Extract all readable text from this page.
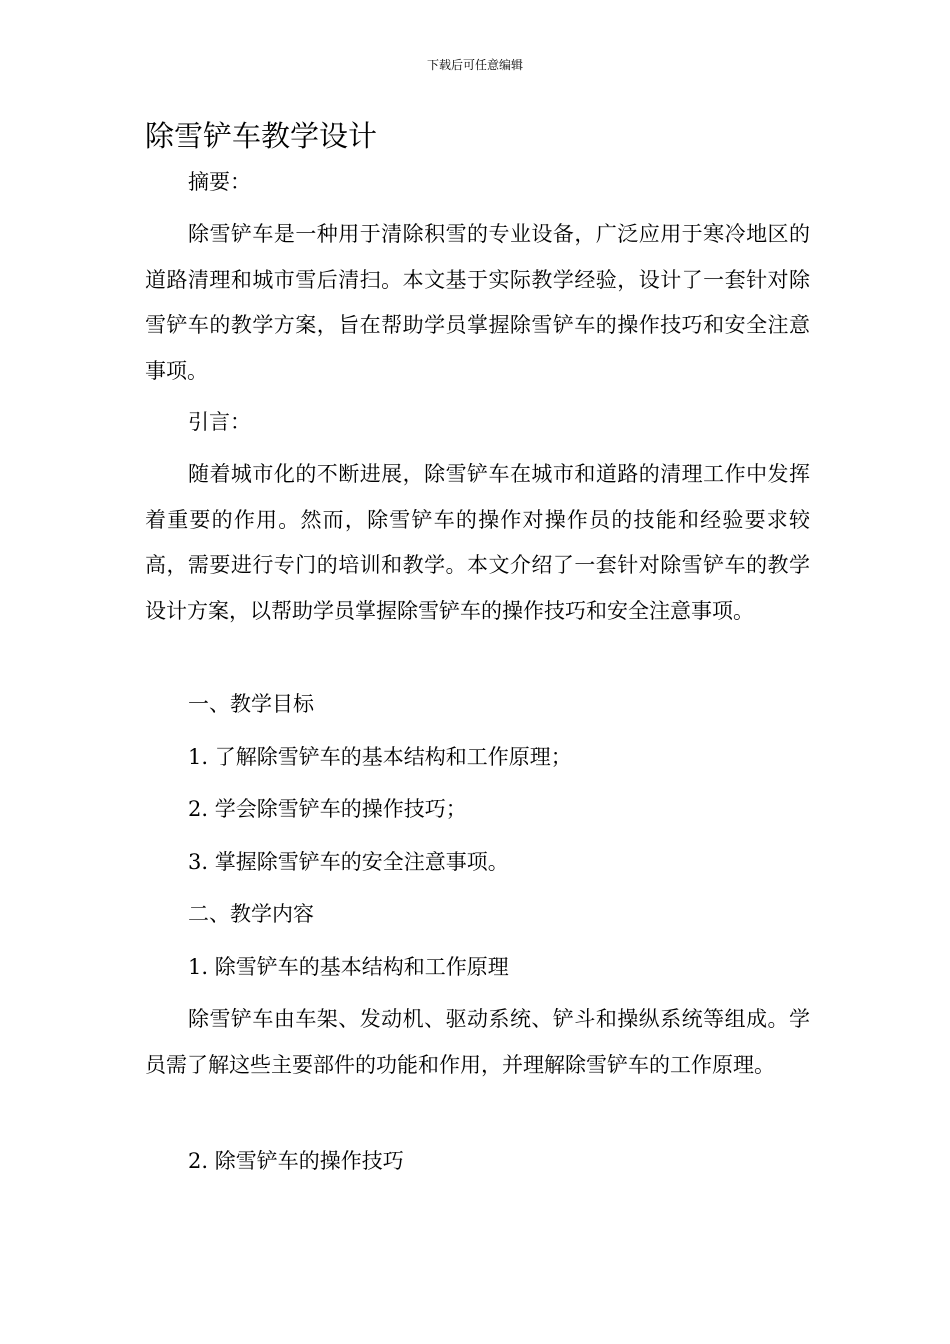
下载后可任意编辑
除雪铲车教学设计

摘要：

除雪铲车是一种用于清除积雪的专业设备，广泛应用于寒冷地区的道路清理和城市雪后清扫。本文基于实际教学经验，设计了一套针对除雪铲车的教学方案，旨在帮助学员掌握除雪铲车的操作技巧和安全注意事项。

引言：

随着城市化的不断进展，除雪铲车在城市和道路的清理工作中发挥着重要的作用。然而，除雪铲车的操作对操作员的技能和经验要求较高，需要进行专门的培训和教学。本文介绍了一套针对除雪铲车的教学设计方案，以帮助学员掌握除雪铲车的操作技巧和安全注意事项。

一、教学目标

1. 了解除雪铲车的基本结构和工作原理；

2. 学会除雪铲车的操作技巧；

3. 掌握除雪铲车的安全注意事项。

二、教学内容

1. 除雪铲车的基本结构和工作原理

除雪铲车由车架、发动机、驱动系统、铲斗和操纵系统等组成。学员需了解这些主要部件的功能和作用，并理解除雪铲车的工作原理。

2. 除雪铲车的操作技巧
